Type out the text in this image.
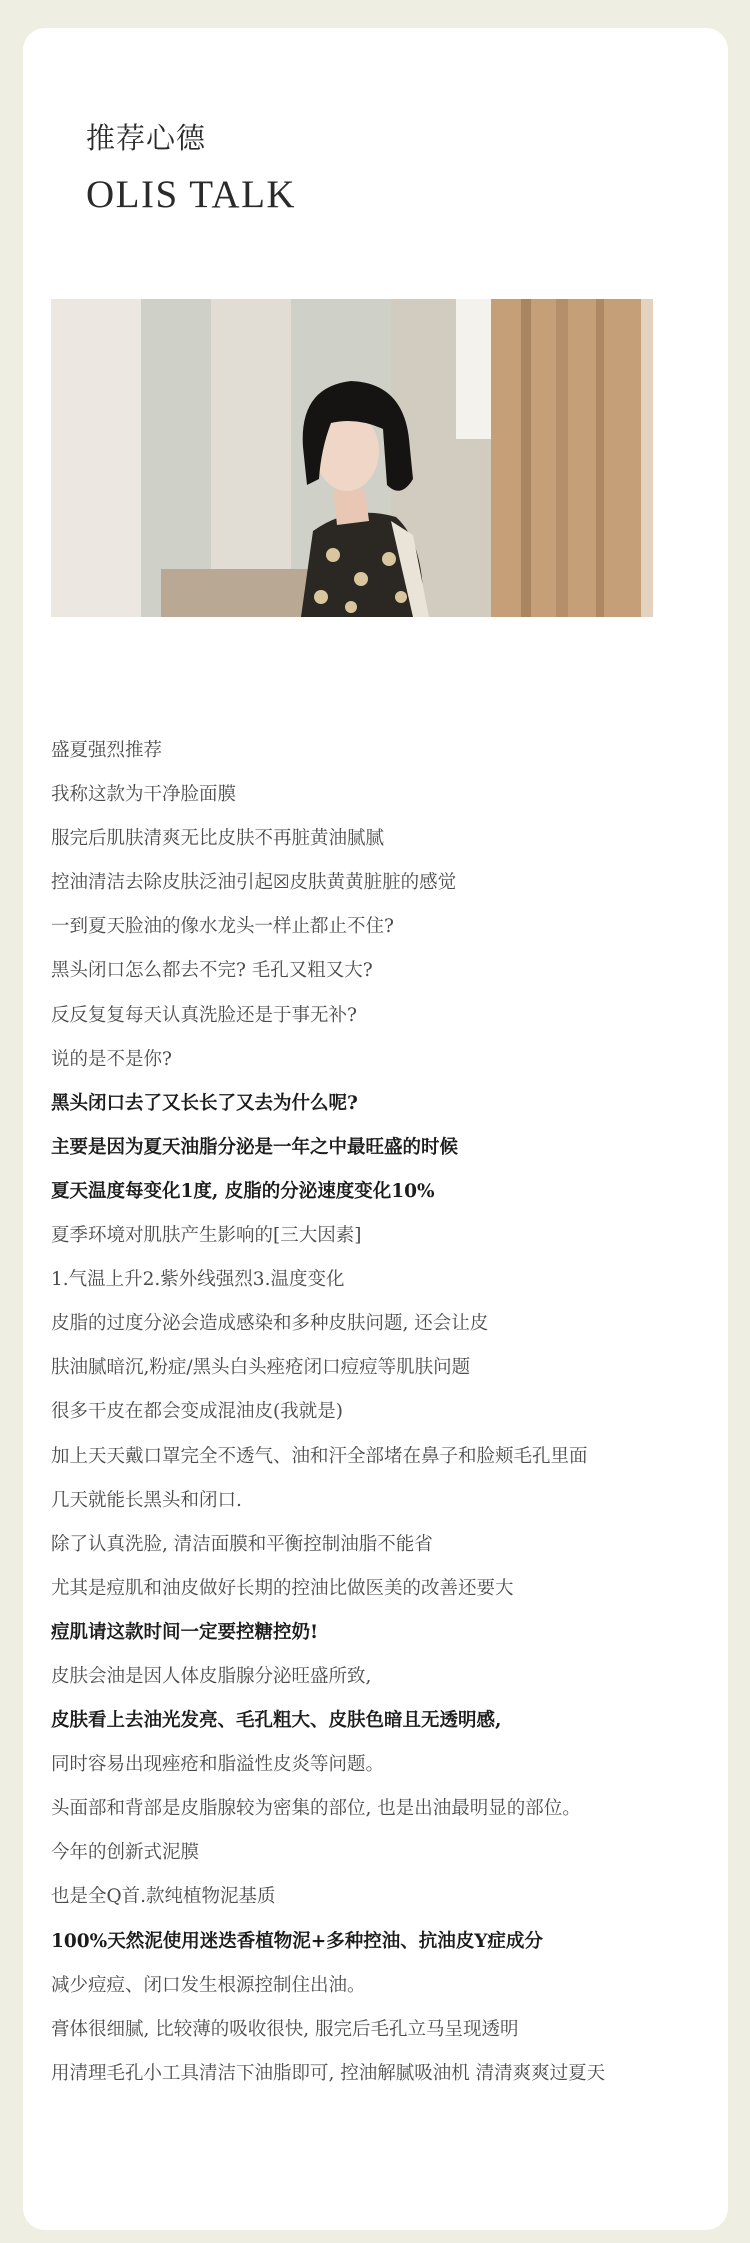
推荐心德
OLIS TALK
盛夏强烈推荐
我称这款为干净脸面膜
服完后肌肤清爽无比皮肤不再脏黄油腻腻
控油清洁去除皮肤泛油引起☒皮肤黄黄脏脏的感觉
一到夏天脸油的像水龙头一样止都止不住?
黑头闭口怎么都去不完? 毛孔又粗又大?
反反复复每天认真洗脸还是于事无补?
说的是不是你?
黑头闭口去了又长长了又去为什么呢?
主要是因为夏天油脂分泌是一年之中最旺盛的时候
夏天温度每变化1度, 皮脂的分泌速度变化10%
夏季环境对肌肤产生影响的[三大因素]
1.气温上升2.紫外线强烈3.温度变化
皮脂的过度分泌会造成感染和多种皮肤问题, 还会让皮
肤油腻暗沉,粉症/黑头白头痤疮闭口痘痘等肌肤问题
很多干皮在都会变成混油皮(我就是)
加上天天戴口罩完全不透气、油和汗全部堵在鼻子和脸颊毛孔里面
几天就能长黑头和闭口.
除了认真洗脸, 清洁面膜和平衡控制油脂不能省
尤其是痘肌和油皮做好长期的控油比做医美的改善还要大
痘肌请这款时间一定要控糖控奶!
皮肤会油是因人体皮脂腺分泌旺盛所致,
皮肤看上去油光发亮、毛孔粗大、皮肤色暗且无透明感,
同时容易出现痤疮和脂溢性皮炎等问题。
头面部和背部是皮脂腺较为密集的部位, 也是出油最明显的部位。
今年的创新式泥膜
也是全Q首.款纯植物泥基质
100%天然泥使用迷迭香植物泥+多种控油、抗油皮Y症成分
减少痘痘、闭口发生根源控制住出油。
膏体很细腻, 比较薄的吸收很快, 服完后毛孔立马呈现透明
用清理毛孔小工具清洁下油脂即可, 控油解腻吸油机 清清爽爽过夏天
